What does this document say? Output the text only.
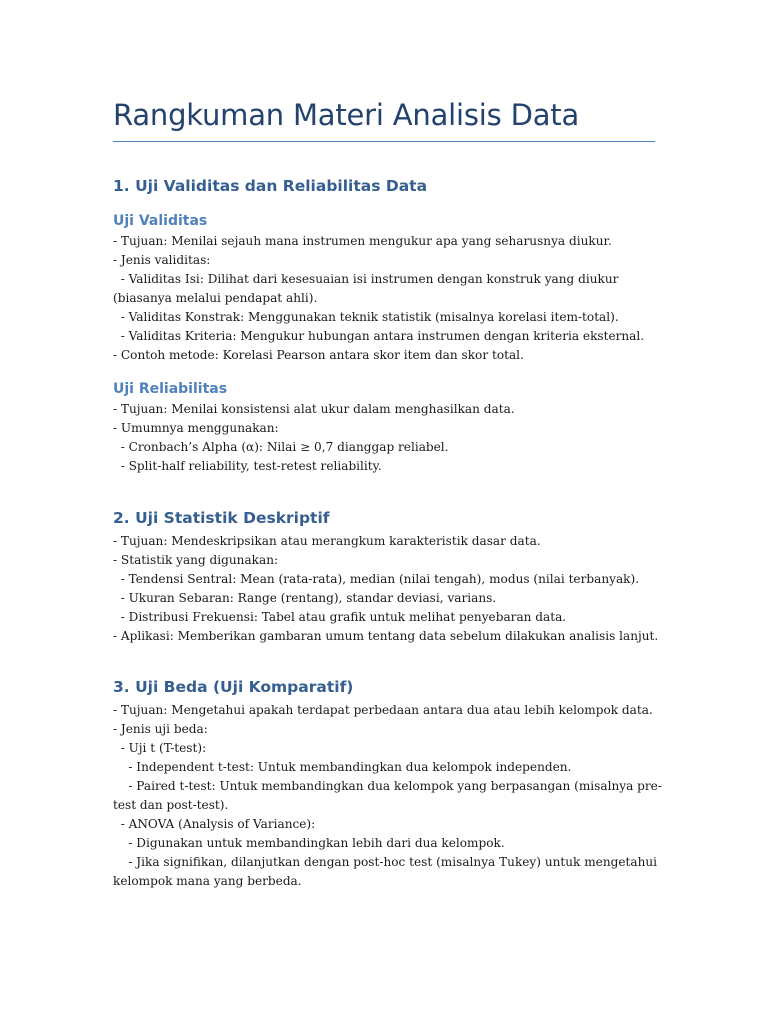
Rangkuman Materi Analisis Data
1. Uji Validitas dan Reliabilitas Data
Uji Validitas

- Tujuan: Menilai sejauh mana instrumen mengukur apa yang seharusnya diukur.

- Jenis validitas:

- Validitas Isi: Dilihat dari kesesuaian isi instrumen dengan konstruk yang diukur

(biasanya melalui pendapat ahli).

- Validitas Konstrak: Menggunakan teknik statistik (misalnya korelasi item-total).

- Validitas Kriteria: Mengukur hubungan antara instrumen dengan kriteria eksternal.

- Contoh metode: Korelasi Pearson antara skor item dan skor total.

Uji Reliabilitas

- Tujuan: Menilai konsistensi alat ukur dalam menghasilkan data.

- Umumnya menggunakan:

- Cronbach’s Alpha (α): Nilai ≥ 0,7 dianggap reliabel.

- Split-half reliability, test-retest reliability.

2. Uji Statistik Deskriptif

- Tujuan: Mendeskripsikan atau merangkum karakteristik dasar data.

- Statistik yang digunakan:

- Tendensi Sentral: Mean (rata-rata), median (nilai tengah), modus (nilai terbanyak).

- Ukuran Sebaran: Range (rentang), standar deviasi, varians.

- Distribusi Frekuensi: Tabel atau grafik untuk melihat penyebaran data.

- Aplikasi: Memberikan gambaran umum tentang data sebelum dilakukan analisis lanjut.

3. Uji Beda (Uji Komparatif)

- Tujuan: Mengetahui apakah terdapat perbedaan antara dua atau lebih kelompok data.

- Jenis uji beda:

- Uji t (T-test):

- Independent t-test: Untuk membandingkan dua kelompok independen.

- Paired t-test: Untuk membandingkan dua kelompok yang berpasangan (misalnya pre-

test dan post-test).

- ANOVA (Analysis of Variance):

- Digunakan untuk membandingkan lebih dari dua kelompok.

- Jika signifikan, dilanjutkan dengan post-hoc test (misalnya Tukey) untuk mengetahui

kelompok mana yang berbeda.
